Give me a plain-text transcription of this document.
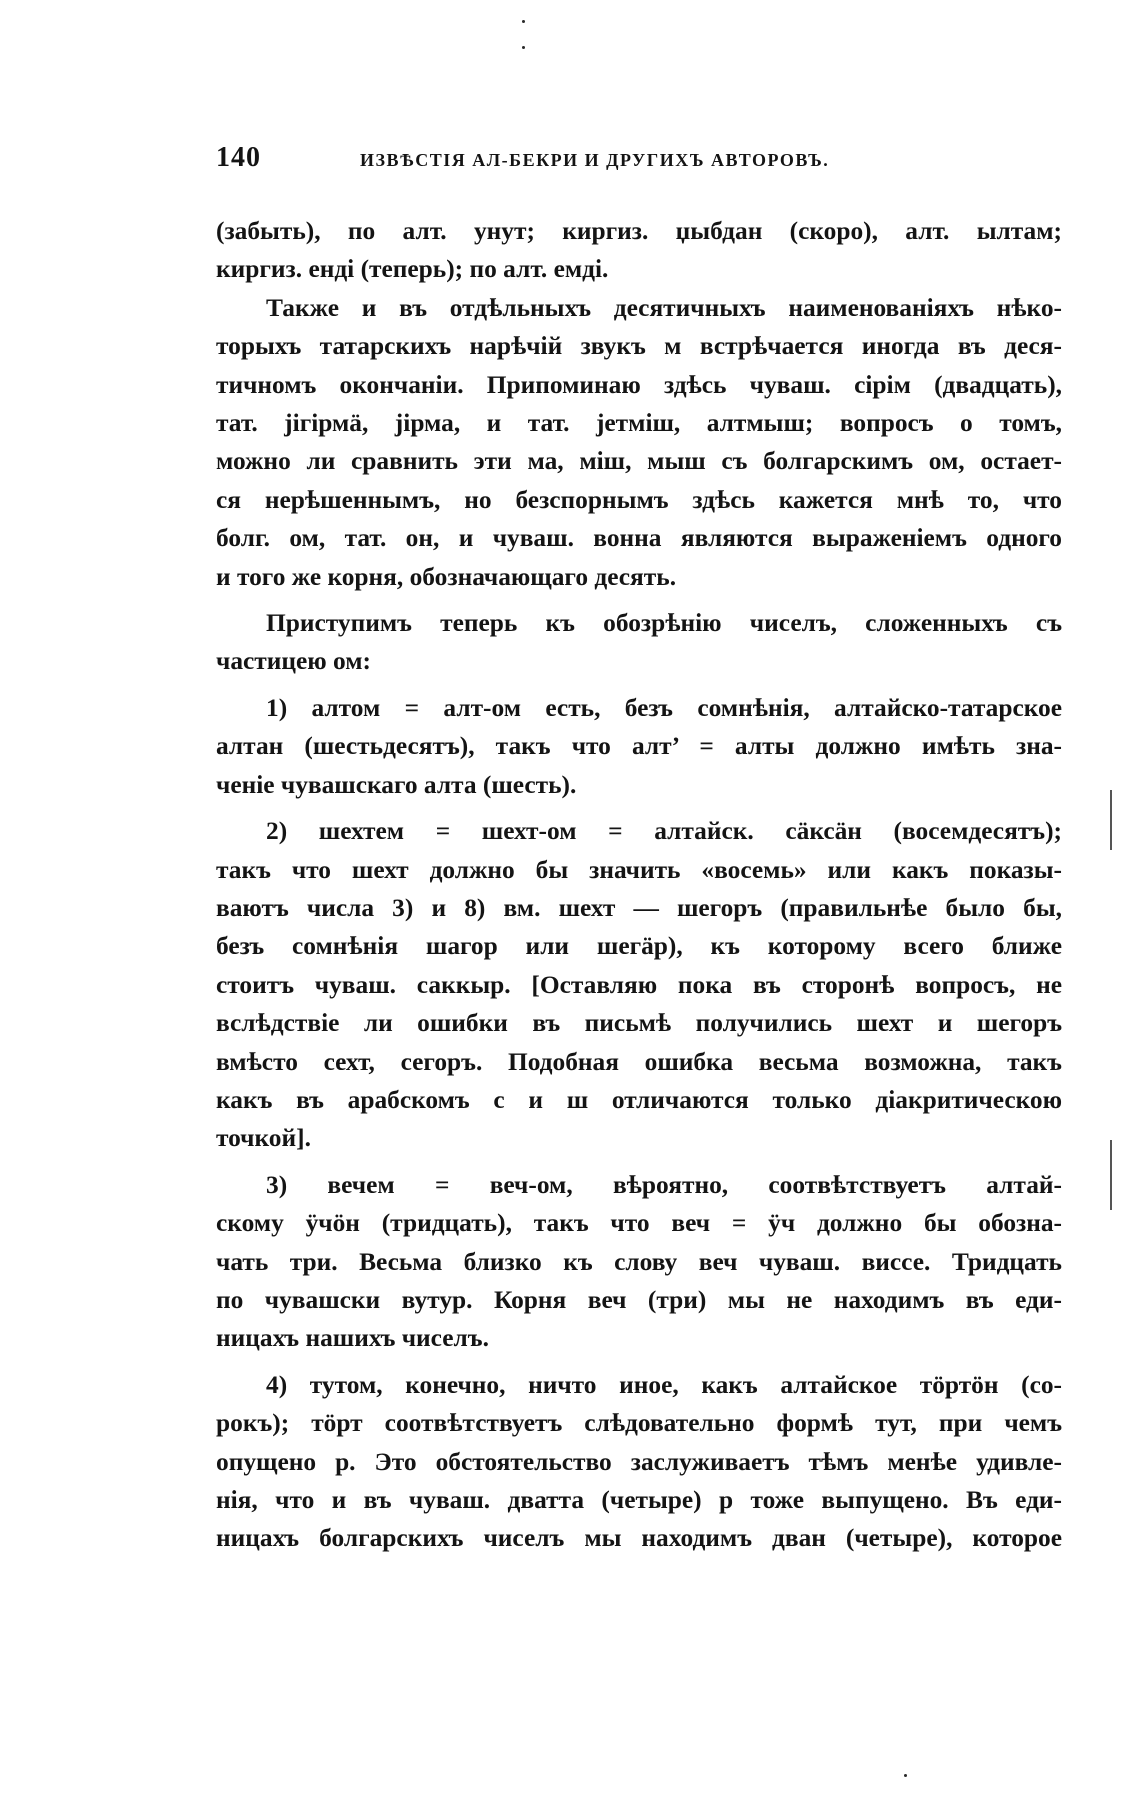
140	ИЗВѢСТІЯ АЛ-БЕКРИ И ДРУГИХЪ АВТОРОВЪ.

(забыть), по алт. унут; киргиз. џыбдан (скоро), алт. ылтам;
киргиз. енді (теперь); по алт. емді.

Также и въ отдѣльныхъ десятичныхъ наименованіяхъ нѣко-
торыхъ татарскихъ нарѣчій звукъ м встрѣчается иногда въ деся-
тичномъ окончаніи. Припоминаю здѣсь чуваш. сірім (двадцать),
тат. jiгiрмä, jiрма, и тат. jетміш, алтмыш; вопросъ о томъ,
можно ли сравнить эти ма, міш, мыш съ болгарскимъ ом, остает-
ся нерѣшеннымъ, но безспорнымъ здѣсь кажется мнѣ то, что
болг. ом, тат. он, и чуваш. вонна являются выраженіемъ одного
и того же корня, обозначающаго десять.

Приступимъ теперь къ обозрѣнію чиселъ, сложенныхъ съ
частицею ом:

1) алтом = алт-ом есть, безъ сомнѣнія, алтайско-татарское
алтан (шестьдесятъ), такъ что алт’ = алты должно имѣть зна-
ченіе чувашскаго алта (шесть).

2) шехтем = шехт-ом = алтайск. сäксäн (восемдесятъ);
такъ что шехт должно бы значить «восемь» или какъ показы-
ваютъ числа 3) и 8) вм. шехт — шегоръ (правильнѣе было бы,
безъ сомнѣнія шагор или шегäр), къ которому всего ближе
стоитъ чуваш. саккыр. [Оставляю пока въ сторонѣ вопросъ, не
вслѣдствіе ли ошибки въ письмѣ получились шехт и шегоръ
вмѣсто сехт, сегоръ. Подобная ошибка весьма возможна, такъ
какъ въ арабскомъ с и ш отличаются только діакритическою
точкой].

3) вечем = веч-ом, вѣроятно, соотвѣтствуетъ алтай-
скому ӱчӧн (тридцать), такъ что веч = ӱч должно бы обозна-
чать три. Весьма близко къ слову веч чуваш. виссе. Тридцать
по чувашски вутур. Корня веч (три) мы не находимъ въ еди-
ницахъ нашихъ чиселъ.

4) тутом, конечно, ничто иное, какъ алтайское тӧртӧн (со-
рокъ); тӧрт соотвѣтствуетъ слѣдовательно формѣ тут, при чемъ
опущено р. Это обстоятельство заслуживаетъ тѣмъ менѣе удивле-
нія, что и въ чуваш. дватта (четыре) р тоже выпущено. Въ еди-
ницахъ болгарскихъ чиселъ мы находимъ дван (четыре), которое
